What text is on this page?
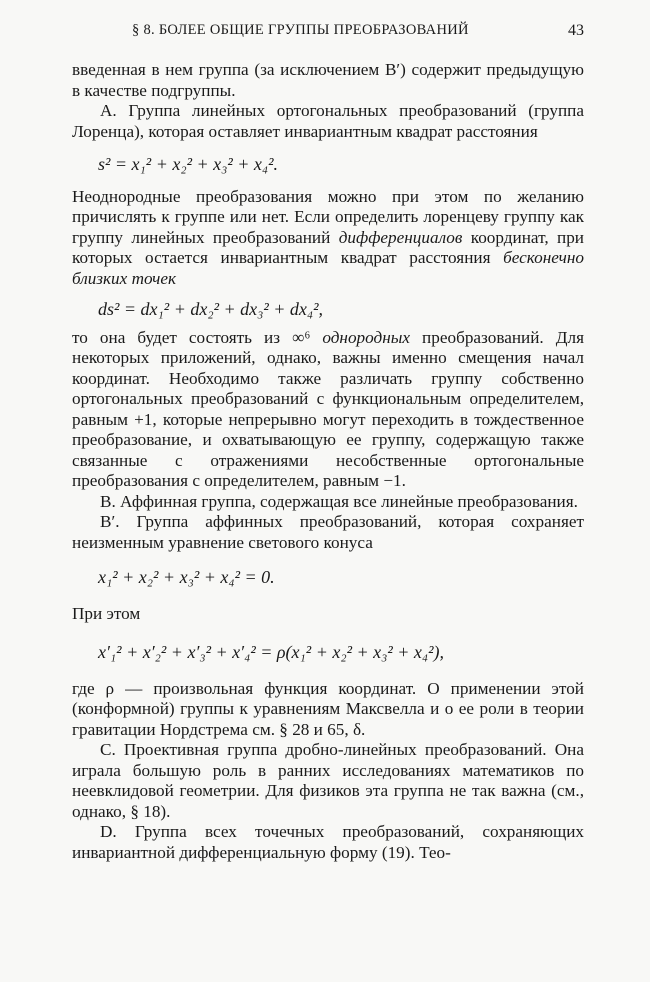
§ 8. БОЛЕЕ ОБЩИЕ ГРУППЫ ПРЕОБРАЗОВАНИЙ	43

введенная в нем группа (за исключением B′) содержит предыдущую в качестве подгруппы.

A. Группа линейных ортогональных преобразований (группа Лоренца), которая оставляет инвариантным квадрат расстояния

s² = x₁² + x₂² + x₃² + x₄².

Неоднородные преобразования можно при этом по желанию причислять к группе или нет. Если определить лоренцеву группу как группу линейных преобразований дифференциалов координат, при которых остается инвариантным квадрат расстояния бесконечно близких точек

ds² = dx₁² + dx₂² + dx₃² + dx₄²,

то она будет состоять из ∞⁶ однородных преобразований. Для некоторых приложений, однако, важны именно смещения начал координат. Необходимо также различать группу собственно ортогональных преобразований с функциональным определителем, равным +1, которые непрерывно могут переходить в тождественное преобразование, и охватывающую ее группу, содержащую также связанные с отражениями несобственные ортогональные преобразования с определителем, равным −1.

B. Аффинная группа, содержащая все линейные преобразования.

B′. Группа аффинных преобразований, которая сохраняет неизменным уравнение светового конуса

x₁² + x₂² + x₃² + x₄² = 0.

При этом

x′₁² + x′₂² + x′₃² + x′₄² = ρ(x₁² + x₂² + x₃² + x₄²),

где ρ — произвольная функция координат. О применении этой (конформной) группы к уравнениям Максвелла и о ее роли в теории гравитации Нордстрема см. § 28 и 65, δ.

C. Проективная группа дробно-линейных преобразований. Она играла большую роль в ранних исследованиях математиков по неевклидовой геометрии. Для физиков эта группа не так важна (см., однако, § 18).

D. Группа всех точечных преобразований, сохраняющих инвариантной дифференциальную форму (19). Тео-
